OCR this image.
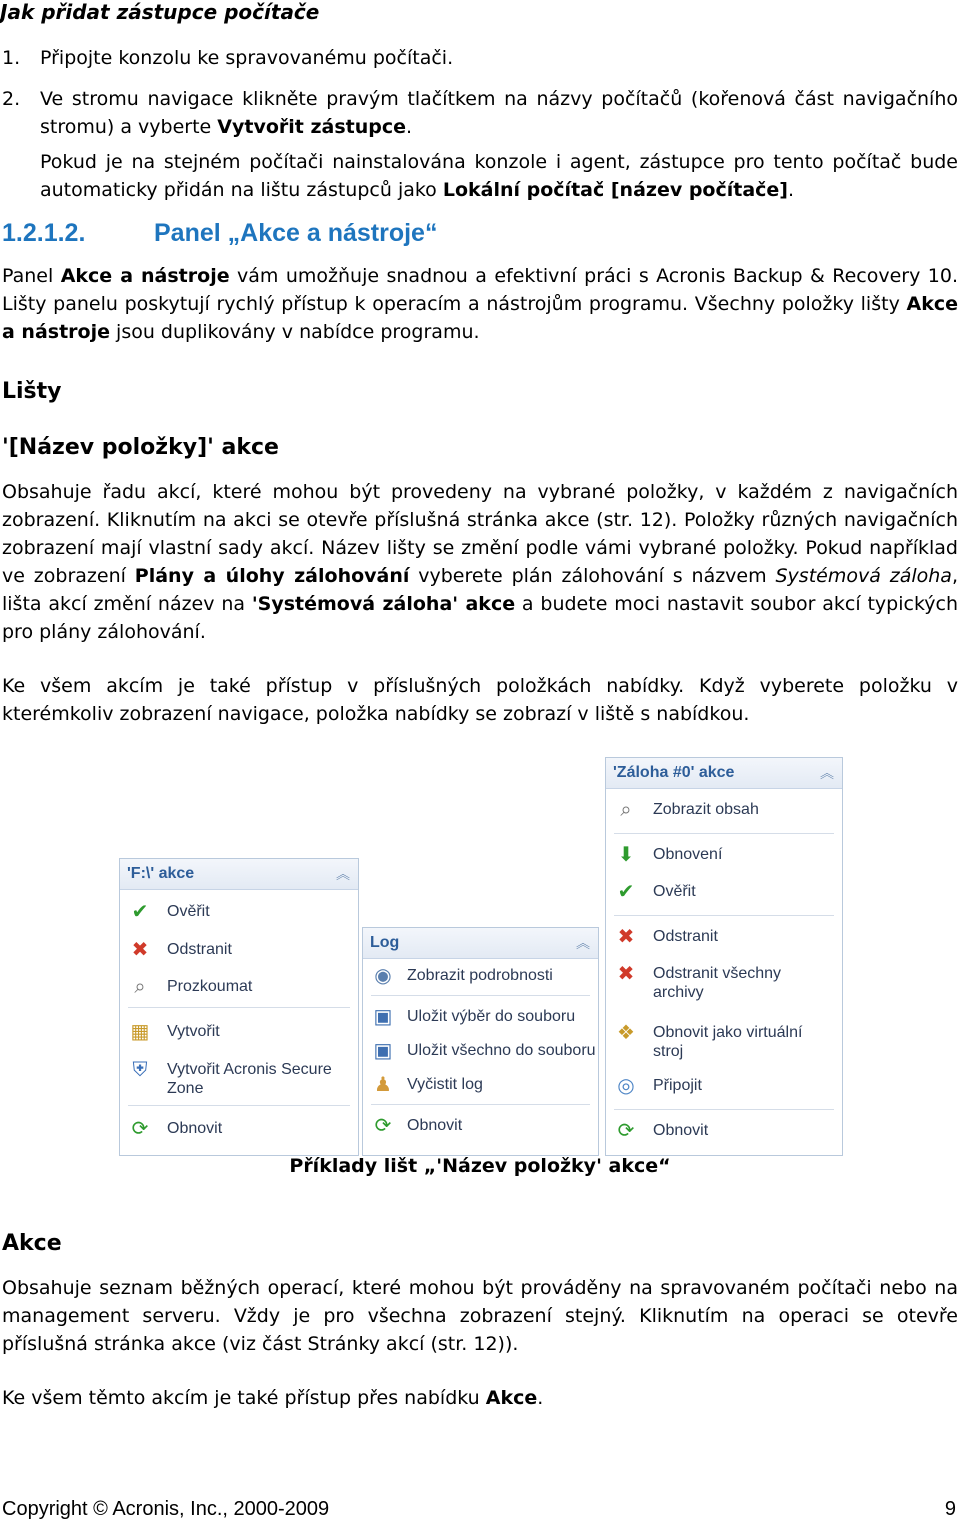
Jak přidat zástupce počítače
1. Připojte konzolu ke spravovanému počítači.
2. Ve stromu navigace klikněte pravým tlačítkem na názvy počítačů (kořenová část navigačního stromu) a vyberte Vytvořit zástupce.
Pokud je na stejném počítači nainstalována konzole i agent, zástupce pro tento počítač bude automaticky přidán na lištu zástupců jako Lokální počítač [název počítače].
1.2.1.2.	Panel „Akce a nástroje“
Panel Akce a nástroje vám umožňuje snadnou a efektivní práci s Acronis Backup & Recovery 10. Lišty panelu poskytují rychlý přístup k operacím a nástrojům programu. Všechny položky lišty Akce a nástroje jsou duplikovány v nabídce programu.
Lišty
'[Název položky]' akce
Obsahuje řadu akcí, které mohou být provedeny na vybrané položky, v každém z navigačních zobrazení. Kliknutím na akci se otevře příslušná stránka akce (str. 12). Položky různých navigačních zobrazení mají vlastní sady akcí. Název lišty se změní podle vámi vybrané položky. Pokud například ve zobrazení Plány a úlohy zálohování vyberete plán zálohování s názvem Systémová záloha, lišta akcí změní název na 'Systémová záloha' akce a budete moci nastavit soubor akcí typických pro plány zálohování.
Ke všem akcím je také přístup v příslušných položkách nabídky. Když vyberete položku v kterémkoliv zobrazení navigace, položka nabídky se zobrazí v liště s nabídkou.
'F:\' akce	︽
✔ Ověřit
✖ Odstranit
⌕	Prozkoumat
▦ Vytvořit
⛨ Vytvořit Acronis Secure Zone
⟳ Obnovit
Log	︽
◉ Zobrazit podrobnosti
▣ Uložit výběr do souboru
▣ Uložit všechno do souboru
♟ Vyčistit log
⟳ Obnovit
'Záloha #0' akce	︽
⌕	Zobrazit obsah
⬇ Obnovení
✔ Ověřit
✖ Odstranit
✖ Odstranit všechny archivy
❖ Obnovit jako virtuální stroj
◎ Připojit
⟳ Obnovit
Příklady lišt „'Název položky' akce“
Akce
Obsahuje seznam běžných operací, které mohou být prováděny na spravovaném počítači nebo na management serveru. Vždy je pro všechna zobrazení stejný. Kliknutím na operaci se otevře příslušná stránka akce (viz část Stránky akcí (str. 12)).
Ke všem těmto akcím je také přístup přes nabídku Akce.
Copyright © Acronis, Inc., 2000-2009	9
